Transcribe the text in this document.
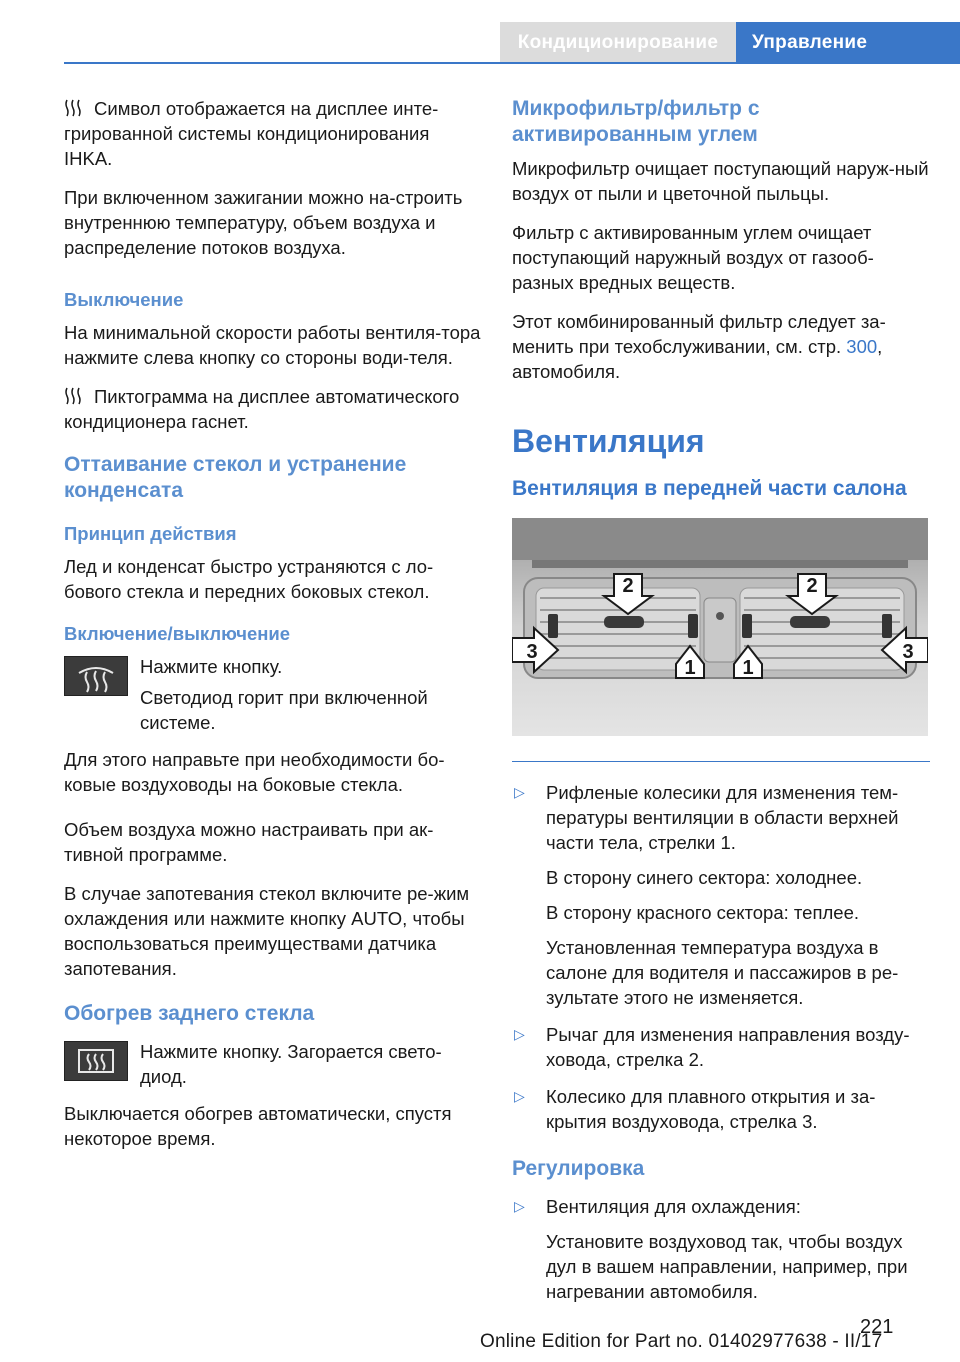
Кондиционирование	Управление

Символ отображается на дисплее инте-грированной системы кондиционирования IHKA.

При включенном зажигании можно на-строить внутреннюю температуру, объем воздуха и распределение потоков воздуха.

Выключение

На минимальной скорости работы вентиля-тора нажмите слева кнопку со стороны води-теля.

Пиктограмма на дисплее автоматического кондиционера гаснет.

Оттаивание стекол и устранение конденсата
Принцип действия

Лед и конденсат быстро устраняются с ло-бового стекла и передних боковых стекол.

Включение/выключение

Нажмите кнопку.

Светодиод горит при включенной системе.

Для этого направьте при необходимости бо-ковые воздуховоды на боковые стекла.

Объем воздуха можно настраивать при ак-тивной программе.

В случае запотевания стекол включите ре-жим охлаждения или нажмите кнопку AUTO, чтобы воспользоваться преимуществами датчика запотевания.

Обогрев заднего стекла

Нажмите кнопку. Загорается свето-диод.

Выключается обогрев автоматически, спустя некоторое время.

Микрофильтр/фильтр с активированным углем

Микрофильтр очищает поступающий наруж-ный воздух от пыли и цветочной пыльцы.

Фильтр с активированным углем очищает поступающий наружный воздух от газооб-разных вредных веществ.

Этот комбинированный фильтр следует за-менить при техобслуживании, см. стр. 300, автомобиля.

Вентиляция
Вентиляция в передней части салона
2	2
3
1 1
3
▷ Рифленые колесики для изменения тем-пературы вентиляции в области верхней части тела, стрелки 1.
В сторону синего сектора: холоднее.
В сторону красного сектора: теплее.
Установленная температура воздуха в салоне для водителя и пассажиров в ре-зультате этого не изменяется.
▷ Рычаг для изменения направления возду-ховода, стрелка 2.
▷ Колесико для плавного открытия и за-крытия воздуховода, стрелка 3.
Регулировка
▷ Вентиляция для охлаждения:
Установите воздуховод так, чтобы воздух дул в вашем направлении, например, при нагревании автомобиля.
221
Online Edition for Part no. 01402977638 - II/17
